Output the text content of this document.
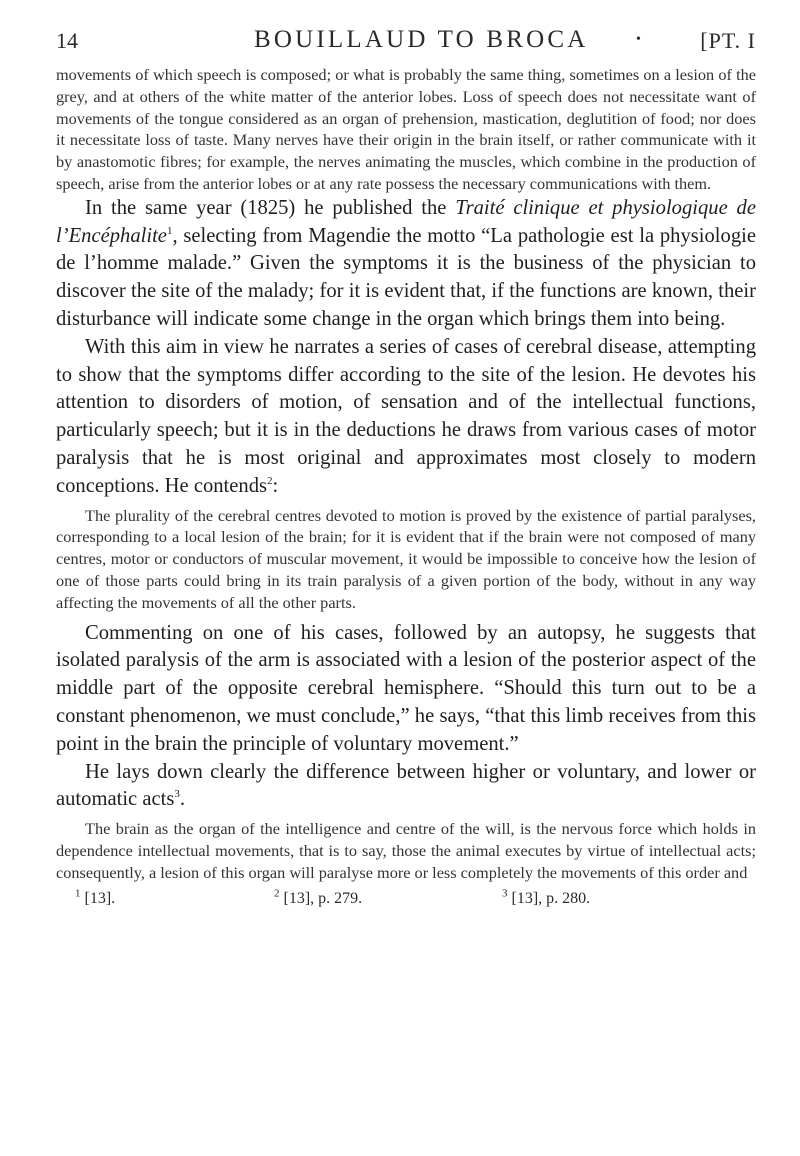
14	BOUILLAUD TO BROCA	•	[PT. I

movements of which speech is composed; or what is probably the same thing, sometimes on a lesion of the grey, and at others of the white matter of the anterior lobes. Loss of speech does not necessitate want of movements of the tongue considered as an organ of prehension, mastication, deglutition of food; nor does it necessitate loss of taste. Many nerves have their origin in the brain itself, or rather communicate with it by anastomotic fibres; for example, the nerves animating the muscles, which combine in the production of speech, arise from the anterior lobes or at any rate possess the necessary communications with them.

In the same year (1825) he published the Traité clinique et physiologique de l’Encéphalite$^1$, selecting from Magendie the motto “La pathologie est la physiologie de l’homme malade.” Given the symptoms it is the business of the physician to discover the site of the malady; for it is evident that, if the functions are known, their disturbance will indicate some change in the organ which brings them into being.

With this aim in view he narrates a series of cases of cerebral disease, attempting to show that the symptoms differ according to the site of the lesion. He devotes his attention to disorders of motion, of sensation and of the intellectual functions, particularly speech; but it is in the deductions he draws from various cases of motor paralysis that he is most original and approximates most closely to modern conceptions. He contends$^2$:

The plurality of the cerebral centres devoted to motion is proved by the existence of partial paralyses, corresponding to a local lesion of the brain; for it is evident that if the brain were not composed of many centres, motor or conductors of muscular movement, it would be impossible to conceive how the lesion of one of those parts could bring in its train paralysis of a given portion of the body, without in any way affecting the movements of all the other parts.

Commenting on one of his cases, followed by an autopsy, he suggests that isolated paralysis of the arm is associated with a lesion of the posterior aspect of the middle part of the opposite cerebral hemisphere. “Should this turn out to be a constant phenomenon, we must conclude,” he says, “that this limb receives from this point in the brain the principle of voluntary movement.”

He lays down clearly the difference between higher or voluntary, and lower or automatic acts$^3$.

The brain as the organ of the intelligence and centre of the will, is the nervous force which holds in dependence intellectual movements, that is to say, those the animal executes by virtue of intellectual acts; consequently, a lesion of this organ will paralyse more or less completely the movements of this order and

$^1$ [13].	$^2$ [13], p. 279.	$^3$ [13], p. 280.
